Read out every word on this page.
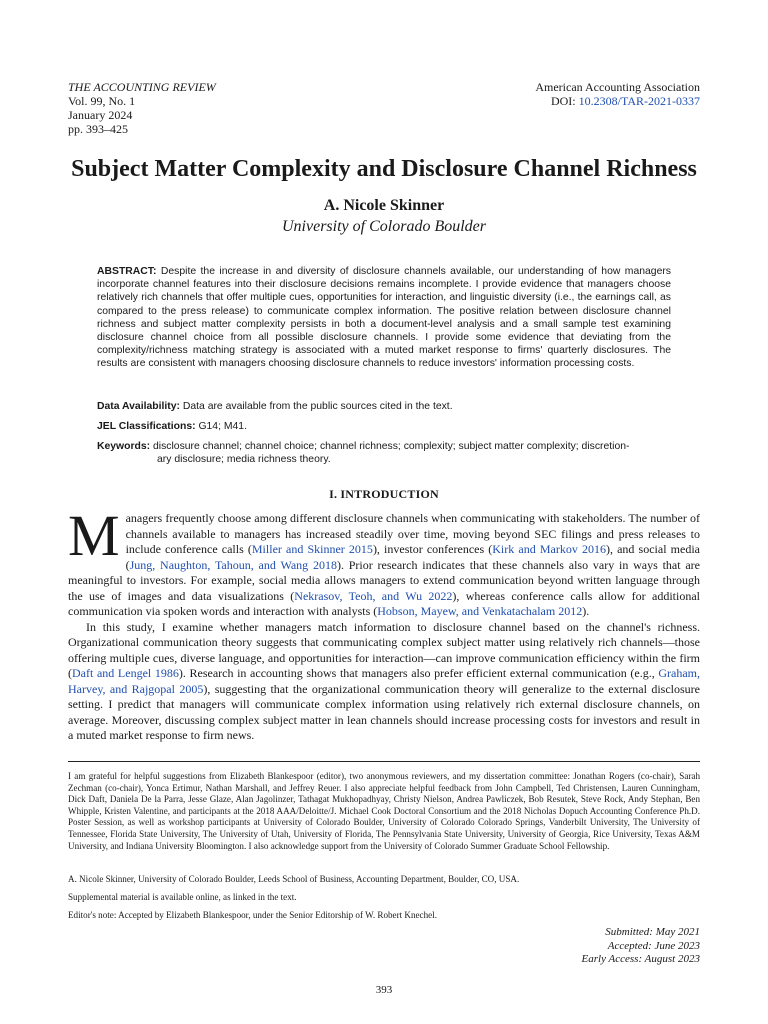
THE ACCOUNTING REVIEW
Vol. 99, No. 1
January 2024
pp. 393–425
American Accounting Association
DOI: 10.2308/TAR-2021-0337
Subject Matter Complexity and Disclosure Channel Richness
A. Nicole Skinner
University of Colorado Boulder
ABSTRACT: Despite the increase in and diversity of disclosure channels available, our understanding of how managers incorporate channel features into their disclosure decisions remains incomplete. I provide evidence that managers choose relatively rich channels that offer multiple cues, opportunities for interaction, and linguistic diversity (i.e., the earnings call, as compared to the press release) to communicate complex information. The positive relation between disclosure channel richness and subject matter complexity persists in both a document-level analysis and a small sample test examining disclosure channel choice from all possible disclosure channels. I provide some evidence that deviating from the complexity/richness matching strategy is associated with a muted market response to firms' quarterly disclosures. The results are consistent with managers choosing disclosure channels to reduce investors' information processing costs.
Data Availability: Data are available from the public sources cited in the text.
JEL Classifications: G14; M41.
Keywords: disclosure channel; channel choice; channel richness; complexity; subject matter complexity; discretion-
ary disclosure; media richness theory.
I. INTRODUCTION

Managers frequently choose among different disclosure channels when communicating with stakeholders. The number of channels available to managers has increased steadily over time, moving beyond SEC filings and press releases to include conference calls (Miller and Skinner 2015), investor conferences (Kirk and Markov 2016), and social media (Jung, Naughton, Tahoun, and Wang 2018). Prior research indicates that these channels also vary in ways that are meaningful to investors. For example, social media allows managers to extend communication beyond written language through the use of images and data visualizations (Nekrasov, Teoh, and Wu 2022), whereas conference calls allow for additional communication via spoken words and interaction with analysts (Hobson, Mayew, and Venkatachalam 2012).

In this study, I examine whether managers match information to disclosure channel based on the channel's richness. Organizational communication theory suggests that communicating complex subject matter using relatively rich channels—those offering multiple cues, diverse language, and opportunities for interaction—can improve communication efficiency within the firm (Daft and Lengel 1986). Research in accounting shows that managers also prefer efficient external communication (e.g., Graham, Harvey, and Rajgopal 2005), suggesting that the organizational communication theory will generalize to the external disclosure setting. I predict that managers will communicate complex information using relatively rich external disclosure channels, on average. Moreover, discussing complex subject matter in lean channels should increase processing costs for investors and result in a muted market response to firm news.

I am grateful for helpful suggestions from Elizabeth Blankespoor (editor), two anonymous reviewers, and my dissertation committee: Jonathan Rogers (co-chair), Sarah Zechman (co-chair), Yonca Ertimur, Nathan Marshall, and Jeffrey Reuer. I also appreciate helpful feedback from John Campbell, Ted Christensen, Lauren Cunningham, Dick Daft, Daniela De la Parra, Jesse Glaze, Alan Jagolinzer, Tathagat Mukhopadhyay, Christy Nielson, Andrea Pawliczek, Bob Resutek, Steve Rock, Andy Stephan, Ben Whipple, Kristen Valentine, and participants at the 2018 AAA/Deloitte/J. Michael Cook Doctoral Consortium and the 2018 Nicholas Dopuch Accounting Conference Ph.D. Poster Session, as well as workshop participants at University of Colorado Boulder, University of Colorado Colorado Springs, Vanderbilt University, The University of Tennessee, Florida State University, The University of Utah, University of Florida, The Pennsylvania State University, University of Georgia, Rice University, Texas A&M University, and Indiana University Bloomington. I also acknowledge support from the University of Colorado Summer Graduate School Fellowship.
A. Nicole Skinner, University of Colorado Boulder, Leeds School of Business, Accounting Department, Boulder, CO, USA.
Supplemental material is available online, as linked in the text.
Editor's note: Accepted by Elizabeth Blankespoor, under the Senior Editorship of W. Robert Knechel.
Submitted: May 2021
Accepted: June 2023
Early Access: August 2023
393
